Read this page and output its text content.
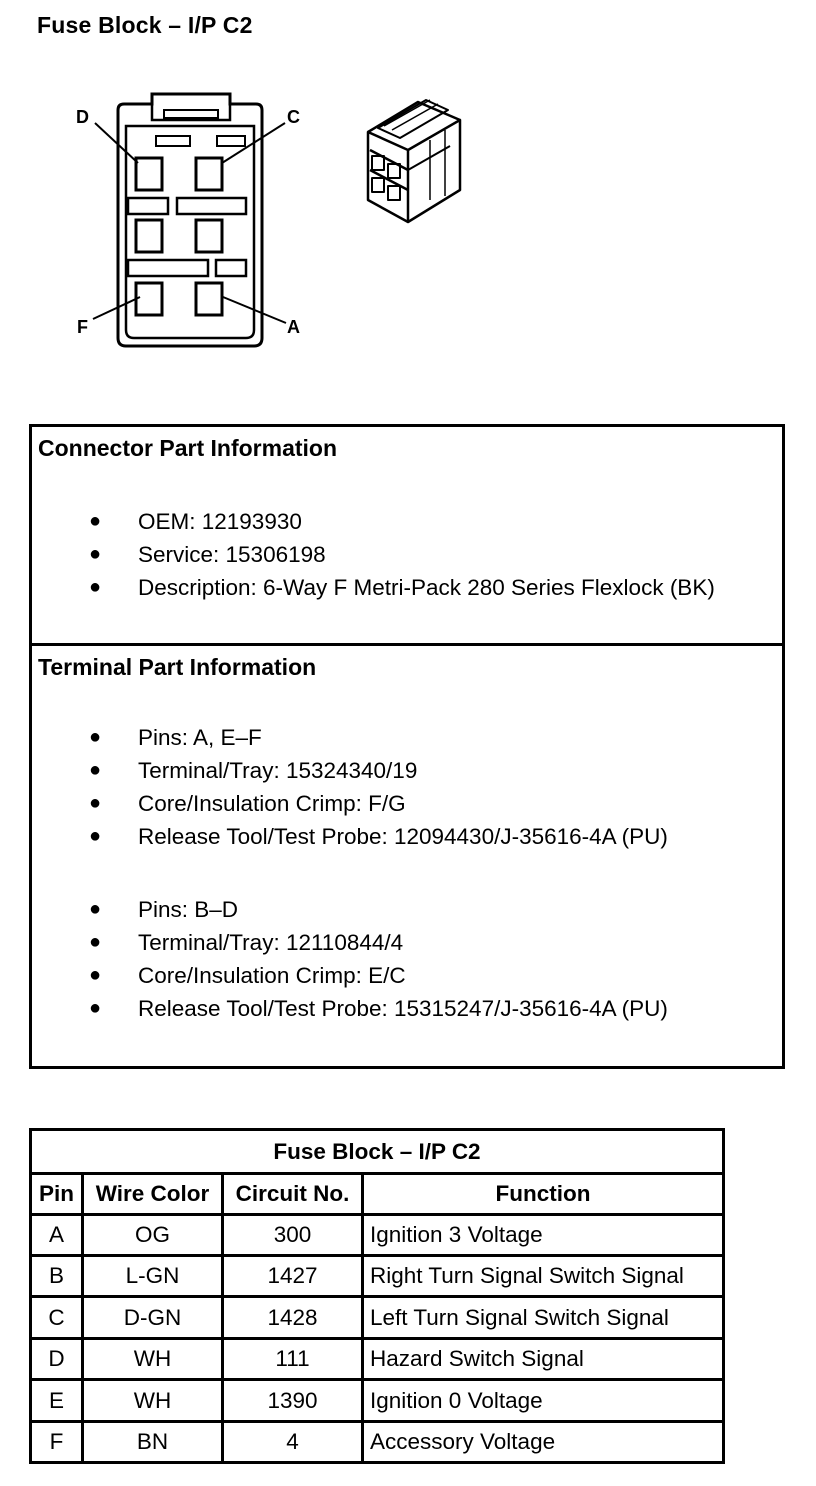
Fuse Block – I/P C2
D	C
F	A
Connector Part Information
● OEM: 12193930
● Service: 15306198
● Description: 6-Way F Metri-Pack 280 Series Flexlock (BK)
Terminal Part Information
● Pins: A, E–F
● Terminal/Tray: 15324340/19
● Core/Insulation Crimp: F/G
● Release Tool/Test Probe: 12094430/J-35616-4A (PU)
● Pins: B–D
● Terminal/Tray: 12110844/4
● Core/Insulation Crimp: E/C
● Release Tool/Test Probe: 15315247/J-35616-4A (PU)
Fuse Block – I/P C2			
Pin	Wire Color	Circuit No.	Function
A	OG	300	Ignition 3 Voltage
B	L-GN	1427	Right Turn Signal Switch Signal
C	D-GN	1428	Left Turn Signal Switch Signal
D	WH	111	Hazard Switch Signal
E	WH	1390	Ignition 0 Voltage
F	BN	4	Accessory Voltage
